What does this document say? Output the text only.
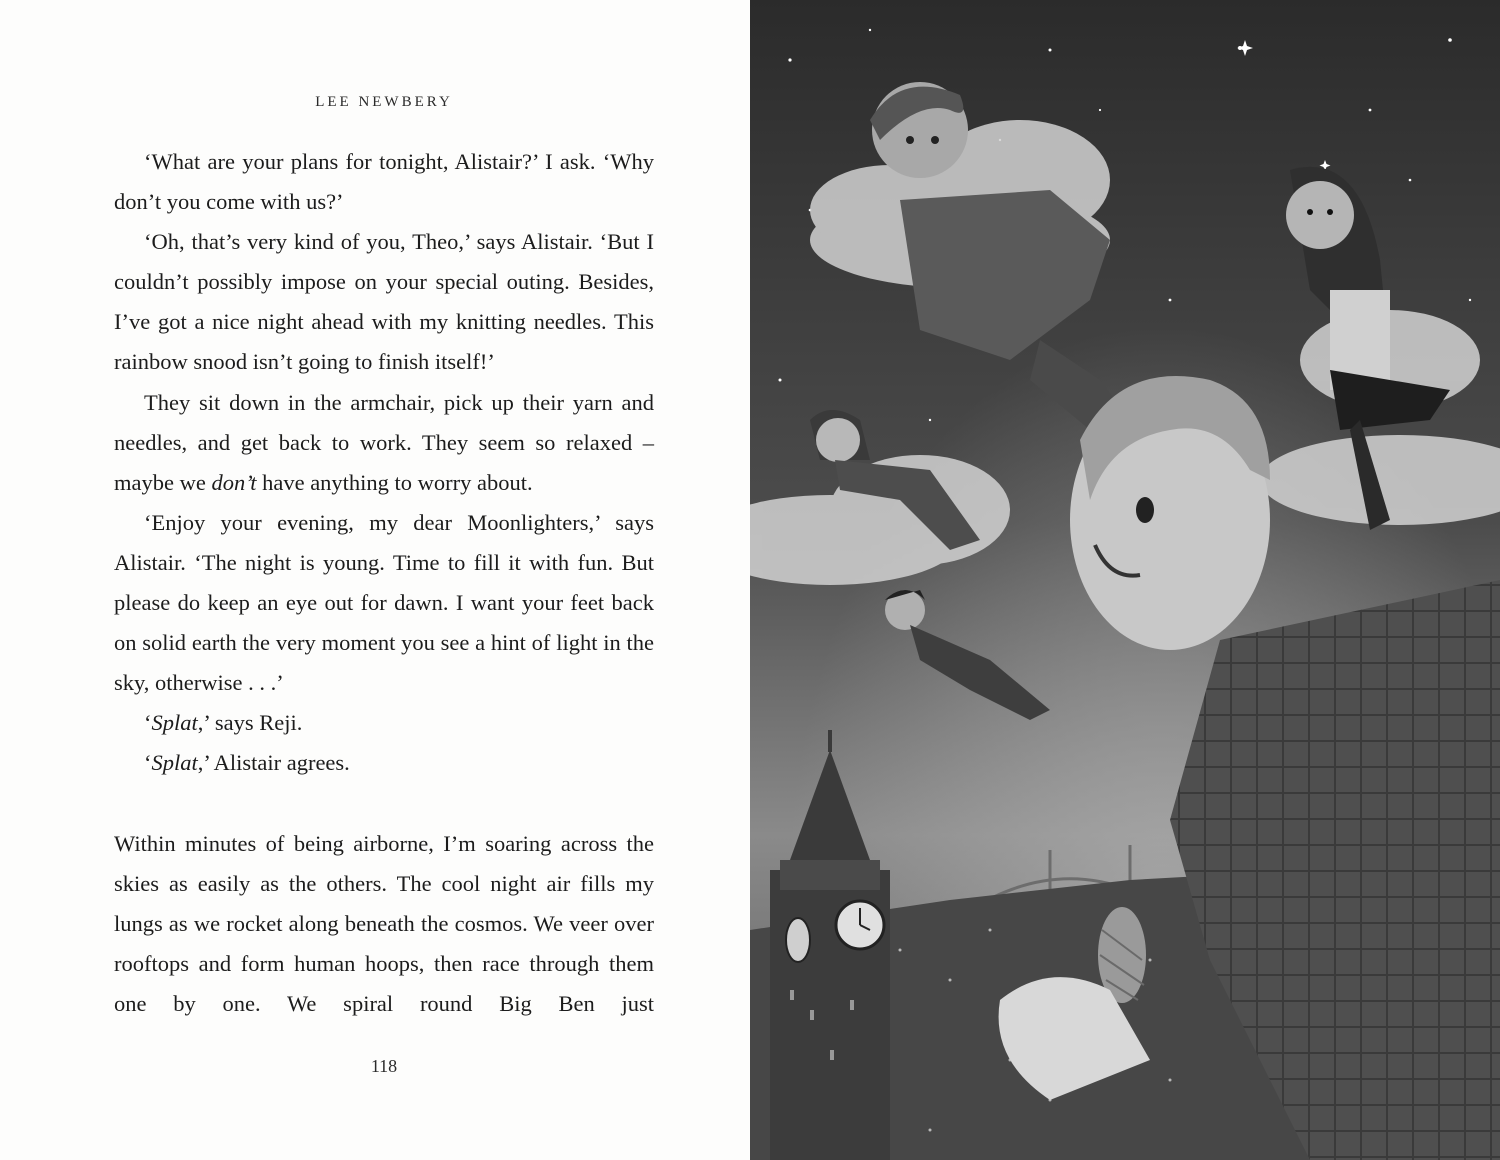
LEE NEWBERY

‘What are your plans for tonight, Alistair?’ I ask. ‘Why don’t you come with us?’

‘Oh, that’s very kind of you, Theo,’ says Alistair. ‘But I couldn’t possibly impose on your special outing. Besides, I’ve got a nice night ahead with my knitting needles. This rainbow snood isn’t going to finish itself!’

They sit down in the armchair, pick up their yarn and needles, and get back to work. They seem so relaxed – maybe we don’t have anything to worry about.

‘Enjoy your evening, my dear Moonlighters,’ says Alistair. ‘The night is young. Time to fill it with fun. But please do keep an eye out for dawn. I want your feet back on solid earth the very moment you see a hint of light in the sky, otherwise . . .’

‘Splat,’ says Reji.

‘Splat,’ Alistair agrees.

Within minutes of being airborne, I’m soaring across the skies as easily as the others. The cool night air fills my lungs as we rocket along beneath the cosmos. We veer over rooftops and form human hoops, then race through them one by one. We spiral round Big Ben just

118
